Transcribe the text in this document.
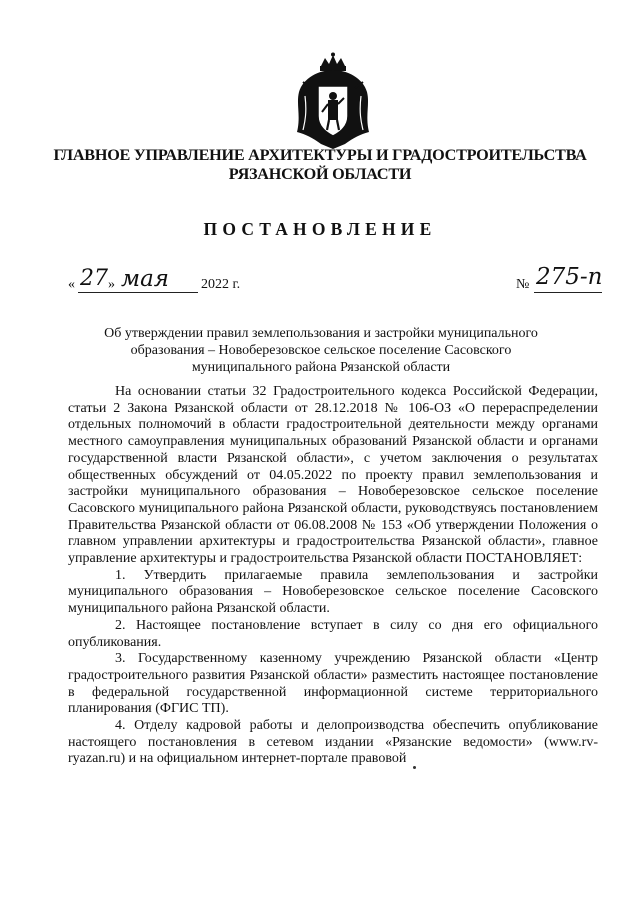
ГЛАВНОЕ УПРАВЛЕНИЕ АРХИТЕКТУРЫ И ГРАДОСТРОИТЕЛЬСТВА
РЯЗАНСКОЙ ОБЛАСТИ
ПОСТАНОВЛЕНИЕ
« 27 » мая 2022 г.	№ 275-п
Об утверждении правил землепользования и застройки муниципального
образования – Новоберезовское сельское поселение Сасовского
муниципального района Рязанской области

На основании статьи 32 Градостроительного кодекса Российской Федерации, статьи 2 Закона Рязанской области от 28.12.2018 № 106-ОЗ «О перераспределении отдельных полномочий в области градостроительной деятельности между органами местного самоуправления муниципальных образований Рязанской области и органами государственной власти Рязанской области», с учетом заключения о результатах общественных обсуждений от 04.05.2022 по проекту правил землепользования и застройки муниципального образования – Новоберезовское сельское поселение Сасовского муниципального района Рязанской области, руководствуясь постановлением Правительства Рязанской области от 06.08.2008 № 153 «Об утверждении Положения о главном управлении архитектуры и градостроительства Рязанской области», главное управление архитектуры и градостроительства Рязанской области ПОСТАНОВЛЯЕТ:

1. Утвердить прилагаемые правила землепользования и застройки муниципального образования – Новоберезовское сельское поселение Сасовского муниципального района Рязанской области.

2. Настоящее постановление вступает в силу со дня его официального опубликования.

3. Государственному казенному учреждению Рязанской области «Центр градостроительного развития Рязанской области» разместить настоящее постановление в федеральной государственной информационной системе территориального планирования (ФГИС ТП).

4. Отделу кадровой работы и делопроизводства обеспечить опубликование настоящего постановления в сетевом издании «Рязанские ведомости» (www.rv-ryazan.ru) и на официальном интернет-портале правовой
